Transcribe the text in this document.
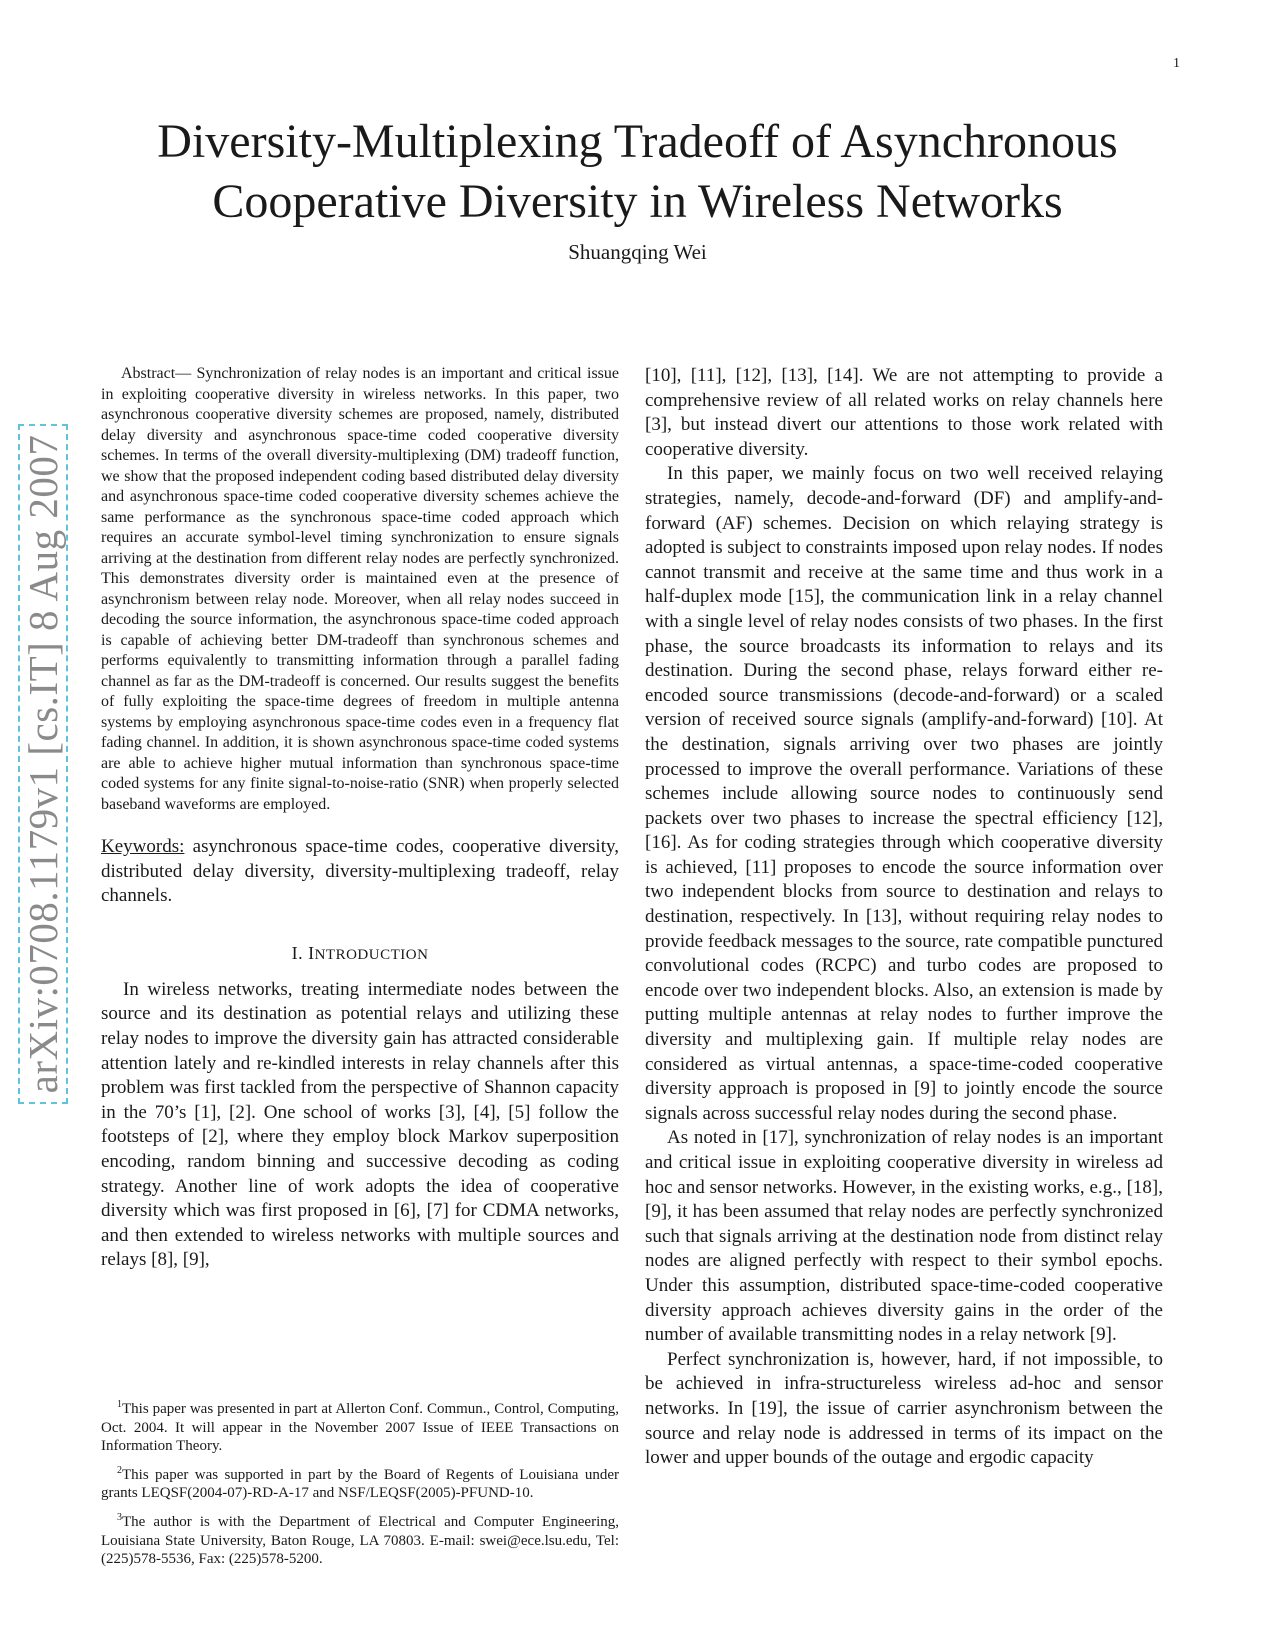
1
arXiv:0708.1179v1 [cs.IT] 8 Aug 2007
Diversity-Multiplexing Tradeoff of Asynchronous
Cooperative Diversity in Wireless Networks
Shuangqing Wei

Abstract— Synchronization of relay nodes is an important and critical issue in exploiting cooperative diversity in wireless networks. In this paper, two asynchronous cooperative diversity schemes are proposed, namely, distributed delay diversity and asynchronous space-time coded cooperative diversity schemes. In terms of the overall diversity-multiplexing (DM) tradeoff function, we show that the proposed independent coding based distributed delay diversity and asynchronous space-time coded cooperative diversity schemes achieve the same performance as the synchronous space-time coded approach which requires an accurate symbol-level timing synchronization to ensure signals arriving at the destination from different relay nodes are perfectly synchronized. This demonstrates diversity order is maintained even at the presence of asynchronism between relay node. Moreover, when all relay nodes succeed in decoding the source information, the asynchronous space-time coded approach is capable of achieving better DM-tradeoff than synchronous schemes and performs equivalently to transmitting information through a parallel fading channel as far as the DM-tradeoff is concerned. Our results suggest the benefits of fully exploiting the space-time degrees of freedom in multiple antenna systems by employing asynchronous space-time codes even in a frequency flat fading channel. In addition, it is shown asynchronous space-time coded systems are able to achieve higher mutual information than synchronous space-time coded systems for any finite signal-to-noise-ratio (SNR) when properly selected baseband waveforms are employed.

Keywords: asynchronous space-time codes, cooperative diversity, distributed delay diversity, diversity-multiplexing tradeoff, relay channels.

I. INTRODUCTION

In wireless networks, treating intermediate nodes between the source and its destination as potential relays and utilizing these relay nodes to improve the diversity gain has attracted considerable attention lately and re-kindled interests in relay channels after this problem was first tackled from the perspective of Shannon capacity in the 70’s [1], [2]. One school of works [3], [4], [5] follow the footsteps of [2], where they employ block Markov superposition encoding, random binning and successive decoding as coding strategy. Another line of work adopts the idea of cooperative diversity which was first proposed in [6], [7] for CDMA networks, and then extended to wireless networks with multiple sources and relays [8], [9],

[10], [11], [12], [13], [14]. We are not attempting to provide a comprehensive review of all related works on relay channels here [3], but instead divert our attentions to those work related with cooperative diversity.

In this paper, we mainly focus on two well received relaying strategies, namely, decode-and-forward (DF) and amplify-and-forward (AF) schemes. Decision on which relaying strategy is adopted is subject to constraints imposed upon relay nodes. If nodes cannot transmit and receive at the same time and thus work in a half-duplex mode [15], the communication link in a relay channel with a single level of relay nodes consists of two phases. In the first phase, the source broadcasts its information to relays and its destination. During the second phase, relays forward either re-encoded source transmissions (decode-and-forward) or a scaled version of received source signals (amplify-and-forward) [10]. At the destination, signals arriving over two phases are jointly processed to improve the overall performance. Variations of these schemes include allowing source nodes to continuously send packets over two phases to increase the spectral efficiency [12], [16]. As for coding strategies through which cooperative diversity is achieved, [11] proposes to encode the source information over two independent blocks from source to destination and relays to destination, respectively. In [13], without requiring relay nodes to provide feedback messages to the source, rate compatible punctured convolutional codes (RCPC) and turbo codes are proposed to encode over two independent blocks. Also, an extension is made by putting multiple antennas at relay nodes to further improve the diversity and multiplexing gain. If multiple relay nodes are considered as virtual antennas, a space-time-coded cooperative diversity approach is proposed in [9] to jointly encode the source signals across successful relay nodes during the second phase.

As noted in [17], synchronization of relay nodes is an important and critical issue in exploiting cooperative diversity in wireless ad hoc and sensor networks. However, in the existing works, e.g., [18], [9], it has been assumed that relay nodes are perfectly synchronized such that signals arriving at the destination node from distinct relay nodes are aligned perfectly with respect to their symbol epochs. Under this assumption, distributed space-time-coded cooperative diversity approach achieves diversity gains in the order of the number of available transmitting nodes in a relay network [9].

Perfect synchronization is, however, hard, if not impossible, to be achieved in infra-structureless wireless ad-hoc and sensor networks. In [19], the issue of carrier asynchronism between the source and relay node is addressed in terms of its impact on the lower and upper bounds of the outage and ergodic capacity

$^1$This paper was presented in part at Allerton Conf. Commun., Control, Computing, Oct. 2004. It will appear in the November 2007 Issue of IEEE Transactions on Information Theory.

$^2$This paper was supported in part by the Board of Regents of Louisiana under grants LEQSF(2004-07)-RD-A-17 and NSF/LEQSF(2005)-PFUND-10.

$^3$The author is with the Department of Electrical and Computer Engineering, Louisiana State University, Baton Rouge, LA 70803. E-mail: swei@ece.lsu.edu, Tel: (225)578-5536, Fax: (225)578-5200.
